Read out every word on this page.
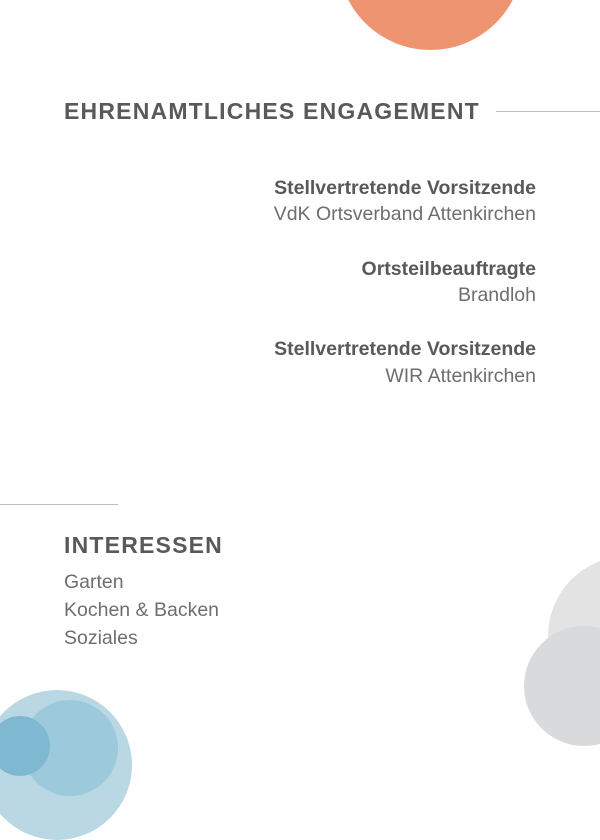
EHRENAMTLICHES ENGAGEMENT
Stellvertretende Vorsitzende
VdK Ortsverband Attenkirchen
Ortsteilbeauftragte
Brandloh
Stellvertretende Vorsitzende
WIR Attenkirchen
INTERESSEN
Garten
Kochen & Backen
Soziales
